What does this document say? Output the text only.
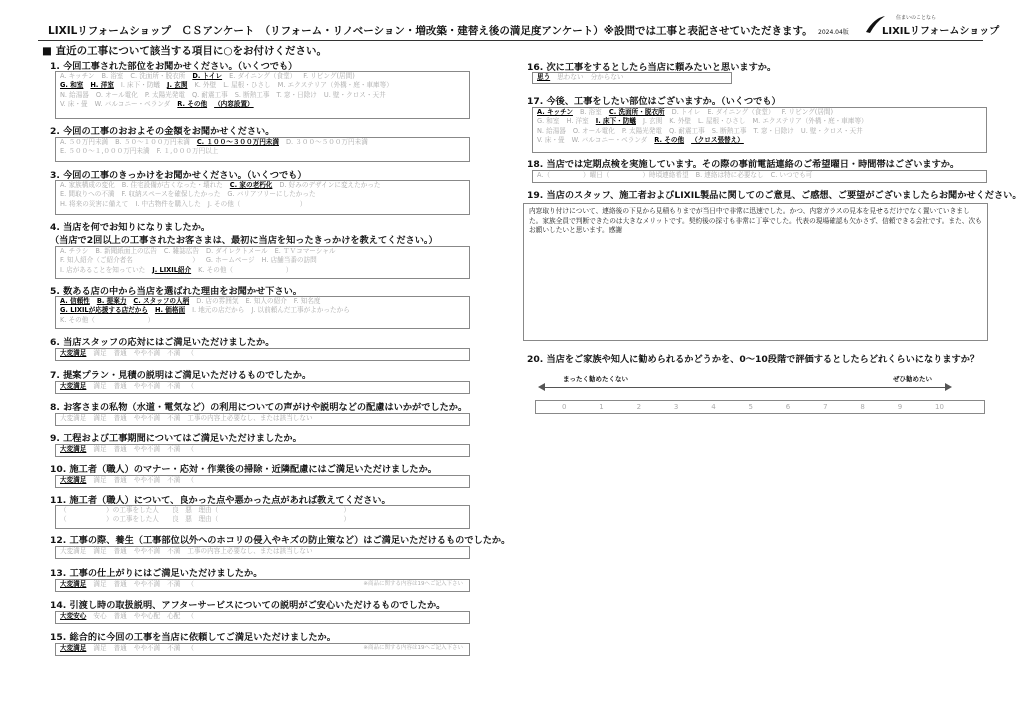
LIXILリフォームショップ　ＣＳアンケート　（リフォーム・リノベーション・増改築・建替え後の満足度アンケート）※設問では工事と表記させていただきます。 2024.04版
住まいのことなら
LIXILリフォームショップ
■ 直近の工事について該当する項目に○をお付けください。
1. 今回工事された部位をお聞かせください。（いくつでも）
A. キッチン B. 浴室 C. 洗面所・脱衣所 D. トイレ E. ダイニング（食堂） F. リビング(居間)
G. 和室 H. 洋室 I. 床下・防蟻 J. 玄関 K. 外壁 L. 屋根・ひさし M. エクステリア（外構・庭・車庫等）
N. 給湯器 O. オール電化 P. 太陽光発電 Q. 耐震工事 S. 断熱工事 T. 窓・日除け U. 壁・クロス・天井
V. 床・畳 W. バルコニー・ベランダ R. その他 （内窓設置）
2. 今回の工事のおおよその金額をお聞かせください。
A. ５０万円未満 B. ５０～１００万円未満 C. １００～３００万円未満 D. ３００～５００万円未満
E. ５００～１,０００万円未満 F. １,０００万円以上
3. 今回の工事のきっかけをお聞かせください。（いくつでも）
A. 家族構成の変化 B. 住宅設備が古くなった・壊れた C. 家の老朽化 D. 好みのデザインに変えたかった
E. 間取りへの不満 F. 収納スペースを確保したかった G. バリアフリーにしたかった
H. 将来の災害に備えて I. 中古物件を購入した J. その他（　　　　　　　　　）
4. 当店を何でお知りになりましたか。
（当店で2回以上の工事されたお客さまは、最初に当店を知ったきっかけを教えてください。）
A. チラシ B. 新聞紙面上の広告 C. 雑誌広告 D. ダイレクトメール E. ＴＶコマーシャル
F. 知人紹介（ご紹介者名　　　　　　　　　） G. ホームページ H. 店舗当番の訪問
I. 店があることを知っていた J. LIXIL紹介 K. その他（　　　　　　　　）
5. 数ある店の中から当店を選ばれた理由をお聞かせ下さい。
A. 信頼性 B. 提案力 C. スタッフの人柄 D. 店の雰囲気 E. 知人の紹介 F. 知名度
G. LIXILが応援する店だから H. 価格面 I. 地元の店だから J. 以前頼んだ工事がよかったから
K. その他（　　　　　　　　）
6. 当店スタッフの応対にはご満足いただけましたか。
大変満足 満足 普通 やや不満 不満 （
7. 提案プラン・見積の説明はご満足いただけるものでしたか。
大変満足 満足 普通 やや不満 不満 （
8. お客さまの私物（水道・電気など）の利用についての声がけや説明などの配慮はいかがでしたか。
大変満足 満足 普通 やや不満 不満 工事の内容上必要なし、または該当しない
9. 工程および工事期間についてはご満足いただけましたか。
大変満足 満足 普通 やや不満 不満 （
10. 施工者（職人）のマナー・応対・作業後の掃除・近隣配慮にはご満足いただけましたか。
大変満足 満足 普通 やや不満 不満 （
11. 施工者（職人）について、良かった点や悪かった点があれば教えてください。
（　　　　　　）の工事をした人　　良　悪　理由（　　　　　　　　　　　　　　　　　　　）
（　　　　　　）の工事をした人　　良　悪　理由（　　　　　　　　　　　　　　　　　　　）
12. 工事の際、養生（工事部位以外へのホコリの侵入やキズの防止策など）はご満足いただけるものでしたか。
大変満足 満足 普通 やや不満 不満 工事の内容上必要なし、または該当しない
13. 工事の仕上がりにはご満足いただけましたか。
大変満足 満足 普通 やや不満 不満 （	※商品に関する内容は19へご記入下さい
14. 引渡し時の取扱説明、アフターサービスについての説明がご安心いただけるものでしたか。
大変安心 安心 普通 やや心配 心配 （
15. 総合的に今回の工事を当店に依頼してご満足いただけましたか。
大変満足 満足 普通 やや不満 不満 （	※商品に関する内容は19へご記入下さい
16. 次に工事をするとしたら当店に頼みたいと思いますか。
思う 思わない 分からない
17. 今後、工事をしたい部位はございますか。（いくつでも）
A. キッチン B. 浴室 C. 洗面所・脱衣所 D. トイレ E. ダイニング（食堂） F. リビング(居間)
G. 和室 H. 洋室 I. 床下・防蟻 J. 玄関 K. 外壁 L. 屋根・ひさし M. エクステリア（外構・庭・車庫等）
N. 給湯器 O. オール電化 P. 太陽光発電 Q. 耐震工事 S. 断熱工事 T. 窓・日除け U. 壁・クロス・天井
V. 床・畳 W. バルコニー・ベランダ R. その他 （クロス張替え）
18. 当店では定期点検を実施しています。その際の事前電話連絡のご希望曜日・時間帯はございますか。
A.（　　　　　）曜日（　　　　　）時頃連絡希望 B. 連絡は特に必要なし C. いつでも可
19. 当店のスタッフ、施工者およびLIXIL製品に関してのご意見、ご感想、ご要望がございましたらお聞かせください。
20. 当店をご家族や知人に勧められるかどうかを、0～10段階で評価するとしたらどれくらいになりますか？
内窓取り付けについて、連絡後の下見から見積もりまでが当日中で非常に迅速でした。かつ、内窓ガラスの見本を見せるだけでなく置いていきました。家族全員で判断できたのは大きなメリットです。契約後の採寸も非常に丁寧でした。代表の現場確認も欠かさず、信頼できる会社です。また、次もお願いしたいと思います。感謝
まったく勧めたくない	ぜひ勧めたい
0	1	2	3	4	5	6	7	8	9	10
